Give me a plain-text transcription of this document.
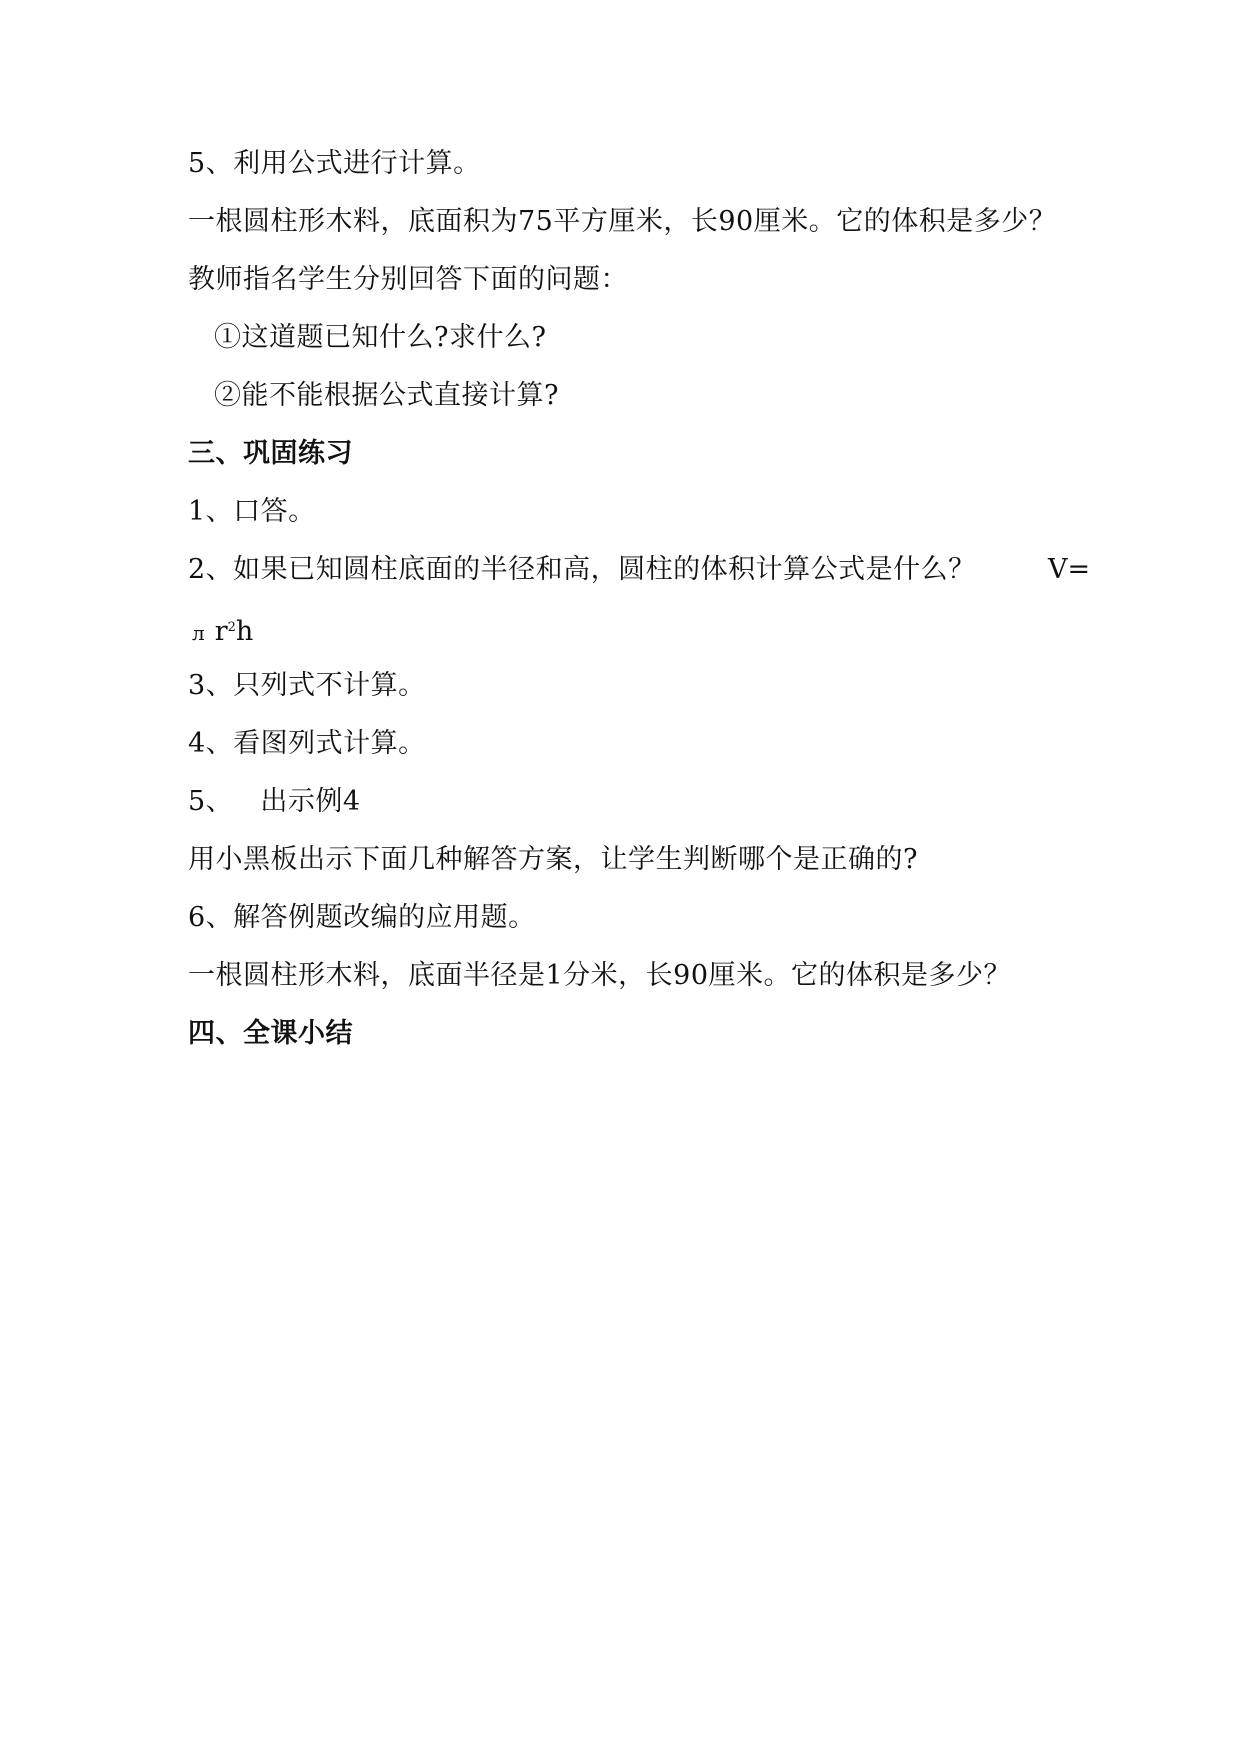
5、利用公式进行计算。
一根圆柱形木料，底面积为75平方厘米，长90厘米。它的体积是多少？
教师指名学生分别回答下面的问题：
①这道题已知什么?求什么?
②能不能根据公式直接计算?
三、巩固练习
1、口答。
2、如果已知圆柱底面的半径和高，圆柱的体积计算公式是什么？	V=
л $r^2h$
3、只列式不计算。
4、看图列式计算。
5、   出示例4
用小黑板出示下面几种解答方案，让学生判断哪个是正确的?
6、解答例题改编的应用题。
一根圆柱形木料，底面半径是1分米，长90厘米。它的体积是多少？
四、全课小结
